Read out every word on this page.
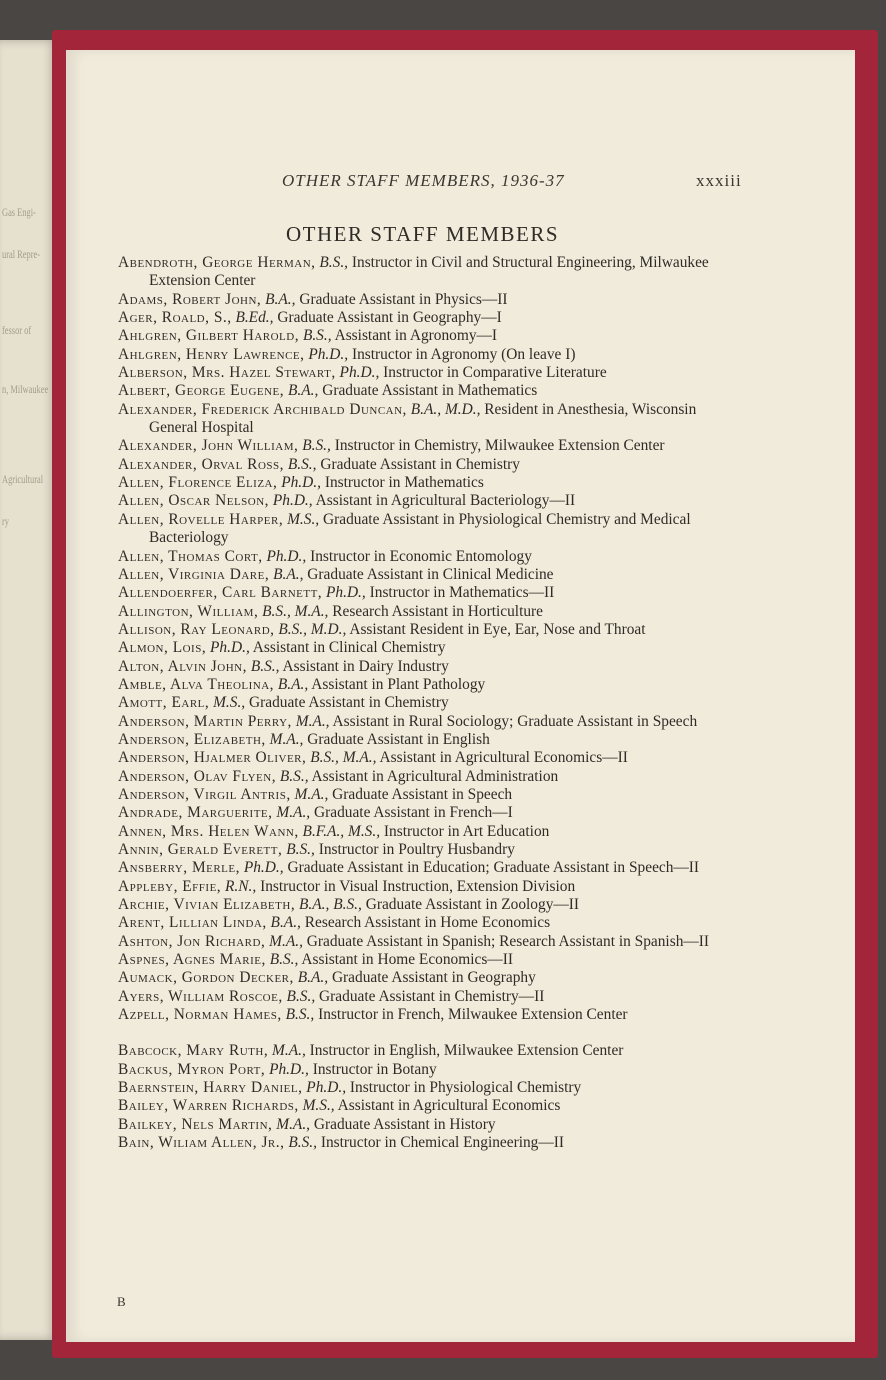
Gas Engi-
ural Repre-
fessor of
n, Milwaukee
Agricultural
ry
OTHER STAFF MEMBERS, 1936-37	xxxiii
OTHER STAFF MEMBERS
Abendroth, George Herman, B.S., Instructor in Civil and Structural Engineering, Milwaukee Extension Center
Adams, Robert John, B.A., Graduate Assistant in Physics—II
Ager, Roald, S., B.Ed., Graduate Assistant in Geography—I
Ahlgren, Gilbert Harold, B.S., Assistant in Agronomy—I
Ahlgren, Henry Lawrence, Ph.D., Instructor in Agronomy (On leave I)
Alberson, Mrs. Hazel Stewart, Ph.D., Instructor in Comparative Literature
Albert, George Eugene, B.A., Graduate Assistant in Mathematics
Alexander, Frederick Archibald Duncan, B.A., M.D., Resident in Anesthesia, Wisconsin General Hospital
Alexander, John William, B.S., Instructor in Chemistry, Milwaukee Extension Center
Alexander, Orval Ross, B.S., Graduate Assistant in Chemistry
Allen, Florence Eliza, Ph.D., Instructor in Mathematics
Allen, Oscar Nelson, Ph.D., Assistant in Agricultural Bacteriology—II
Allen, Rovelle Harper, M.S., Graduate Assistant in Physiological Chemistry and Medical Bacteriology
Allen, Thomas Cort, Ph.D., Instructor in Economic Entomology
Allen, Virginia Dare, B.A., Graduate Assistant in Clinical Medicine
Allendoerfer, Carl Barnett, Ph.D., Instructor in Mathematics—II
Allington, William, B.S., M.A., Research Assistant in Horticulture
Allison, Ray Leonard, B.S., M.D., Assistant Resident in Eye, Ear, Nose and Throat
Almon, Lois, Ph.D., Assistant in Clinical Chemistry
Alton, Alvin John, B.S., Assistant in Dairy Industry
Amble, Alva Theolina, B.A., Assistant in Plant Pathology
Amott, Earl, M.S., Graduate Assistant in Chemistry
Anderson, Martin Perry, M.A., Assistant in Rural Sociology; Graduate Assistant in Speech
Anderson, Elizabeth, M.A., Graduate Assistant in English
Anderson, Hjalmer Oliver, B.S., M.A., Assistant in Agricultural Economics—II
Anderson, Olav Flyen, B.S., Assistant in Agricultural Administration
Anderson, Virgil Antris, M.A., Graduate Assistant in Speech
Andrade, Marguerite, M.A., Graduate Assistant in French—I
Annen, Mrs. Helen Wann, B.F.A., M.S., Instructor in Art Education
Annin, Gerald Everett, B.S., Instructor in Poultry Husbandry
Ansberry, Merle, Ph.D., Graduate Assistant in Education; Graduate Assistant in Speech—II
Appleby, Effie, R.N., Instructor in Visual Instruction, Extension Division
Archie, Vivian Elizabeth, B.A., B.S., Graduate Assistant in Zoology—II
Arent, Lillian Linda, B.A., Research Assistant in Home Economics
Ashton, Jon Richard, M.A., Graduate Assistant in Spanish; Research Assistant in Spanish—II
Aspnes, Agnes Marie, B.S., Assistant in Home Economics—II
Aumack, Gordon Decker, B.A., Graduate Assistant in Geography
Ayers, William Roscoe, B.S., Graduate Assistant in Chemistry—II
Azpell, Norman Hames, B.S., Instructor in French, Milwaukee Extension Center
Babcock, Mary Ruth, M.A., Instructor in English, Milwaukee Extension Center
Backus, Myron Port, Ph.D., Instructor in Botany
Baernstein, Harry Daniel, Ph.D., Instructor in Physiological Chemistry
Bailey, Warren Richards, M.S., Assistant in Agricultural Economics
Bailkey, Nels Martin, M.A., Graduate Assistant in History
Bain, Wiliam Allen, Jr., B.S., Instructor in Chemical Engineering—II
B
